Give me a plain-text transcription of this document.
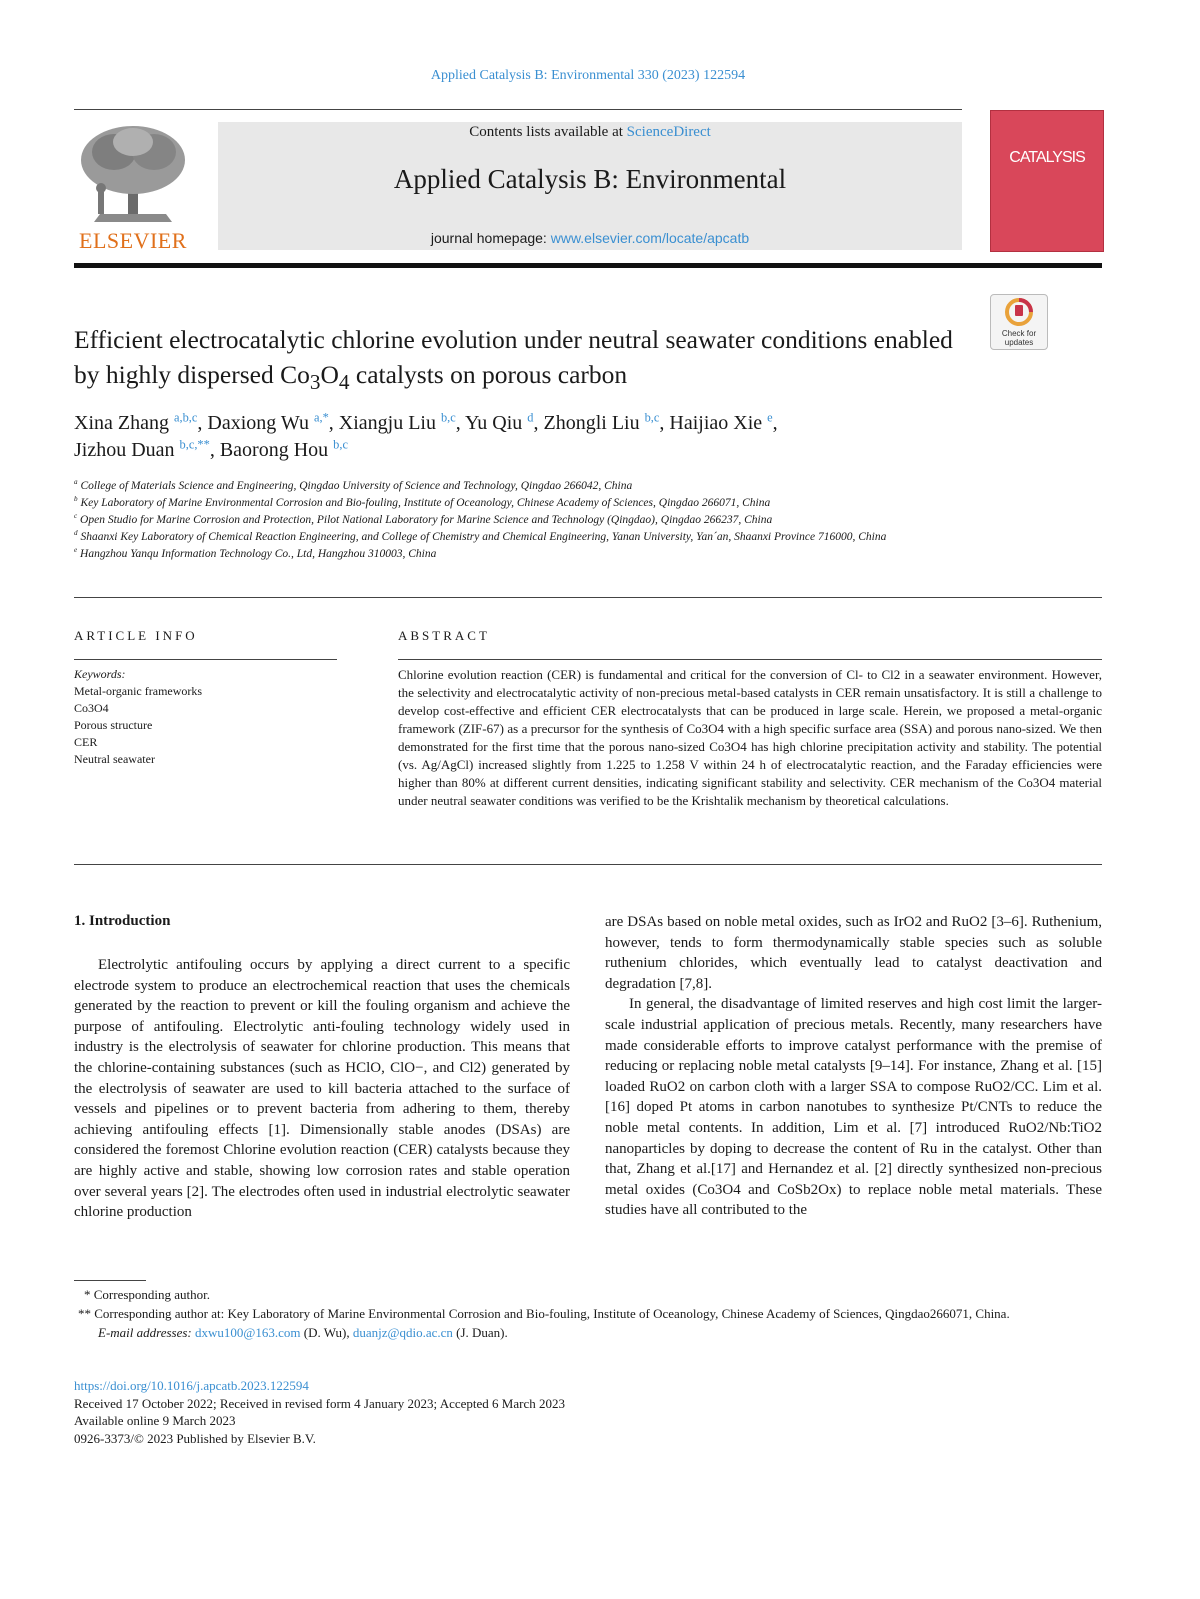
Applied Catalysis B: Environmental 330 (2023) 122594
ELSEVIER
Contents lists available at ScienceDirect
Applied Catalysis B: Environmental
journal homepage: www.elsevier.com/locate/apcatb
CATALYSIS
Check for updates
Efficient electrocatalytic chlorine evolution under neutral seawater conditions enabled by highly dispersed $Co_3O_4$ catalysts on porous carbon
Xina Zhang $^{a,b,c}$, Daxiong Wu $^{a,*}$, Xiangju Liu $^{b,c}$, Yu Qiu $^d$, Zhongli Liu $^{b,c}$, Haijiao Xie $^e$,
Jizhou Duan $^{b,c,**}$, Baorong Hou $^{b,c}$

$^a$ College of Materials Science and Engineering, Qingdao University of Science and Technology, Qingdao 266042, China

$^b$ Key Laboratory of Marine Environmental Corrosion and Bio-fouling, Institute of Oceanology, Chinese Academy of Sciences, Qingdao 266071, China

$^c$ Open Studio for Marine Corrosion and Protection, Pilot National Laboratory for Marine Science and Technology (Qingdao), Qingdao 266237, China

$^d$ Shaanxi Key Laboratory of Chemical Reaction Engineering, and College of Chemistry and Chemical Engineering, Yanan University, Yan´an, Shaanxi Province 716000, China

$^e$ Hangzhou Yanqu Information Technology Co., Ltd, Hangzhou 310003, China

ARTICLE INFO	ABSTRACT
Keywords:
Metal-organic frameworks
Co3O4
Porous structure
CER
Neutral seawater
Chlorine evolution reaction (CER) is fundamental and critical for the conversion of Cl- to Cl2 in a seawater environment. However, the selectivity and electrocatalytic activity of non-precious metal-based catalysts in CER remain unsatisfactory. It is still a challenge to develop cost-effective and efficient CER electrocatalysts that can be produced in large scale. Herein, we proposed a metal-organic framework (ZIF-67) as a precursor for the synthesis of Co3O4 with a high specific surface area (SSA) and porous nano-sized. We then demonstrated for the first time that the porous nano-sized Co3O4 has high chlorine precipitation activity and stability. The potential (vs. Ag/AgCl) increased slightly from 1.225 to 1.258 V within 24 h of electrocatalytic reaction, and the Faraday efficiencies were higher than 80% at different current densities, indicating significant stability and selectivity. CER mechanism of the Co3O4 material under neutral seawater conditions was verified to be the Krishtalik mechanism by theoretical calculations.
1. Introduction

Electrolytic antifouling occurs by applying a direct current to a specific electrode system to produce an electrochemical reaction that uses the chemicals generated by the reaction to prevent or kill the fouling organism and achieve the purpose of antifouling. Electrolytic anti-fouling technology widely used in industry is the electrolysis of seawater for chlorine production. This means that the chlorine-containing substances (such as HClO, ClO−, and Cl2) generated by the electrolysis of seawater are used to kill bacteria attached to the surface of vessels and pipelines or to prevent bacteria from adhering to them, thereby achieving antifouling effects [1]. Dimensionally stable anodes (DSAs) are considered the foremost Chlorine evolution reaction (CER) catalysts because they are highly active and stable, showing low corrosion rates and stable operation over several years [2]. The electrodes often used in industrial electrolytic seawater chlorine production

are DSAs based on noble metal oxides, such as IrO2 and RuO2 [3–6]. Ruthenium, however, tends to form thermodynamically stable species such as soluble ruthenium chlorides, which eventually lead to catalyst deactivation and degradation [7,8].

In general, the disadvantage of limited reserves and high cost limit the larger-scale industrial application of precious metals. Recently, many researchers have made considerable efforts to improve catalyst performance with the premise of reducing or replacing noble metal catalysts [9–14]. For instance, Zhang et al. [15] loaded RuO2 on carbon cloth with a larger SSA to compose RuO2/CC. Lim et al. [16] doped Pt atoms in carbon nanotubes to synthesize Pt/CNTs to reduce the noble metal contents. In addition, Lim et al. [7] introduced RuO2/Nb:TiO2 nanoparticles by doping to decrease the content of Ru in the catalyst. Other than that, Zhang et al.[17] and Hernandez et al. [2] directly synthesized non-precious metal oxides (Co3O4 and CoSb2Ox) to replace noble metal materials. These studies have all contributed to the

* Corresponding author.

** Corresponding author at: Key Laboratory of Marine Environmental Corrosion and Bio-fouling, Institute of Oceanology, Chinese Academy of Sciences, Qingdao266071, China.

E-mail addresses: dxwu100@163.com (D. Wu), duanjz@qdio.ac.cn (J. Duan).

https://doi.org/10.1016/j.apcatb.2023.122594

Received 17 October 2022; Received in revised form 4 January 2023; Accepted 6 March 2023

Available online 9 March 2023

0926-3373/© 2023 Published by Elsevier B.V.
